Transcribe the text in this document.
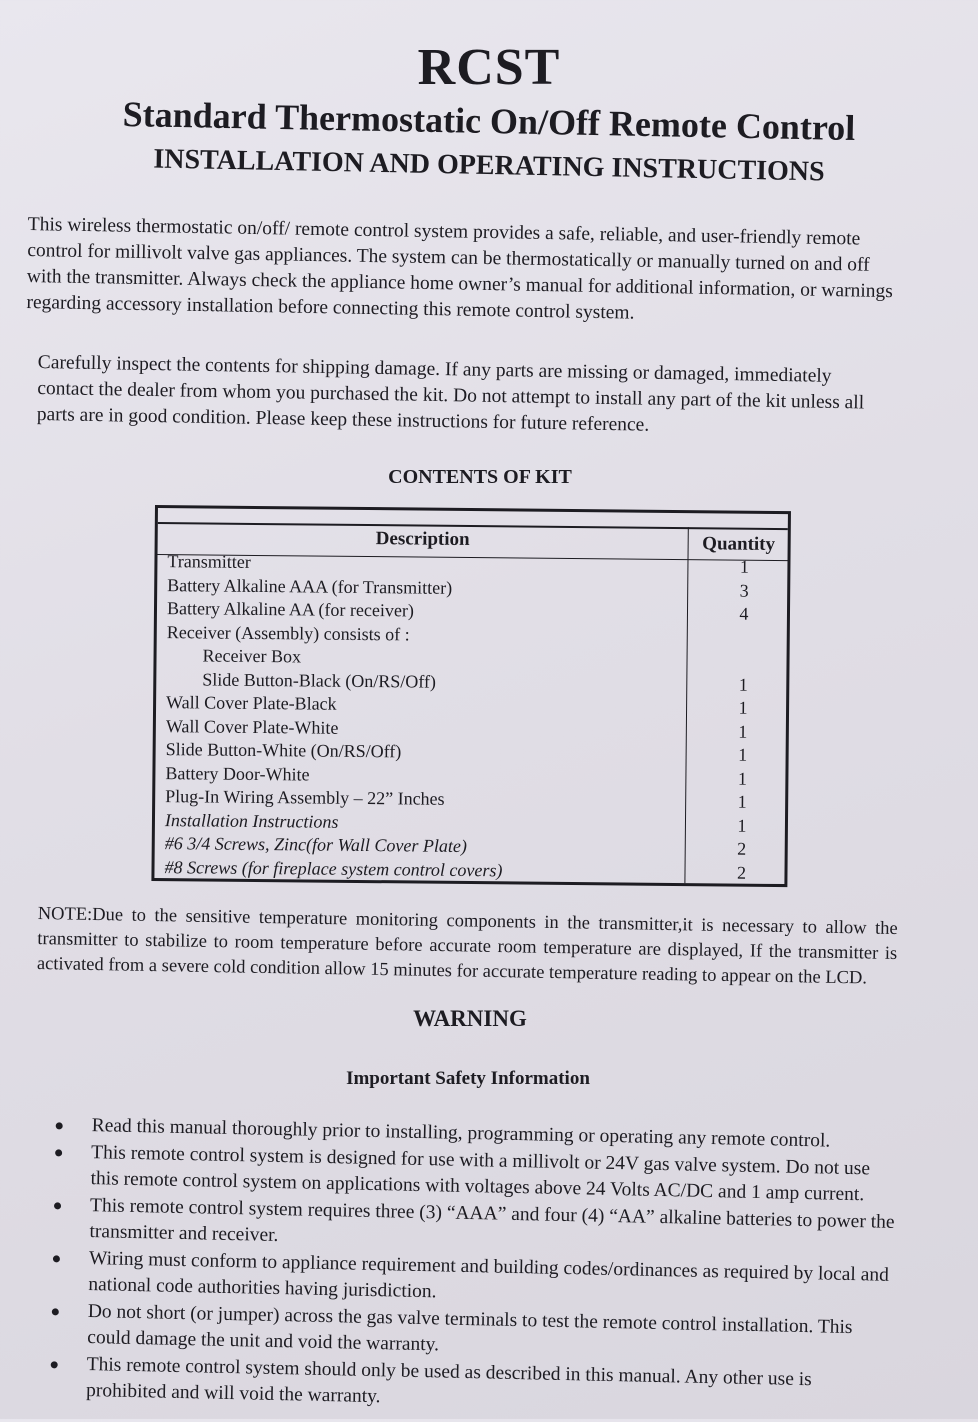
RCST
Standard Thermostatic On/Off Remote Control
INSTALLATION AND OPERATING INSTRUCTIONS
This wireless thermostatic on/off/ remote control system provides a safe, reliable, and user-friendly remote control for millivolt valve gas appliances. The system can be thermostatically or manually turned on and off with the transmitter. Always check the appliance home owner’s manual for additional information, or warnings regarding accessory installation before connecting this remote control system.
Carefully inspect the contents for shipping damage. If any parts are missing or damaged, immediately contact the dealer from whom you purchased the kit. Do not attempt to install any part of the kit unless all parts are in good condition. Please keep these instructions for future reference.
CONTENTS OF KIT
Description	Quantity
Transmitter	1
Battery Alkaline AAA (for Transmitter)	3
Battery Alkaline AA (for receiver)	4
Receiver (Assembly) consists of :
Receiver Box
Slide Button-Black (On/RS/Off)	1
Wall Cover Plate-Black	1
Wall Cover Plate-White	1
Slide Button-White (On/RS/Off)	1
Battery Door-White	1
Plug-In Wiring Assembly – 22” Inches	1
Installation Instructions	1
#6 3/4 Screws, Zinc(for Wall Cover Plate)	2
#8 Screws (for fireplace system control covers)	2
NOTE:Due to the sensitive temperature monitoring components in the transmitter,it is necessary to allow the transmitter to stabilize to room temperature before accurate room temperature are displayed, If the transmitter is activated from a severe cold condition allow 15 minutes for accurate temperature reading to appear on the LCD.
WARNING
Important Safety Information
Read this manual thoroughly prior to installing, programming or operating any remote control.
This remote control system is designed for use with a millivolt or 24V gas valve system. Do not use this remote control system on applications with voltages above 24 Volts AC/DC and 1 amp current.
This remote control system requires three (3) “AAA” and four (4) “AA” alkaline batteries to power the transmitter and receiver.
Wiring must conform to appliance requirement and building codes/ordinances as required by local and national code authorities having jurisdiction.
Do not short (or jumper) across the gas valve terminals to test the remote control installation. This could damage the unit and void the warranty.
This remote control system should only be used as described in this manual. Any other use is prohibited and will void the warranty.
